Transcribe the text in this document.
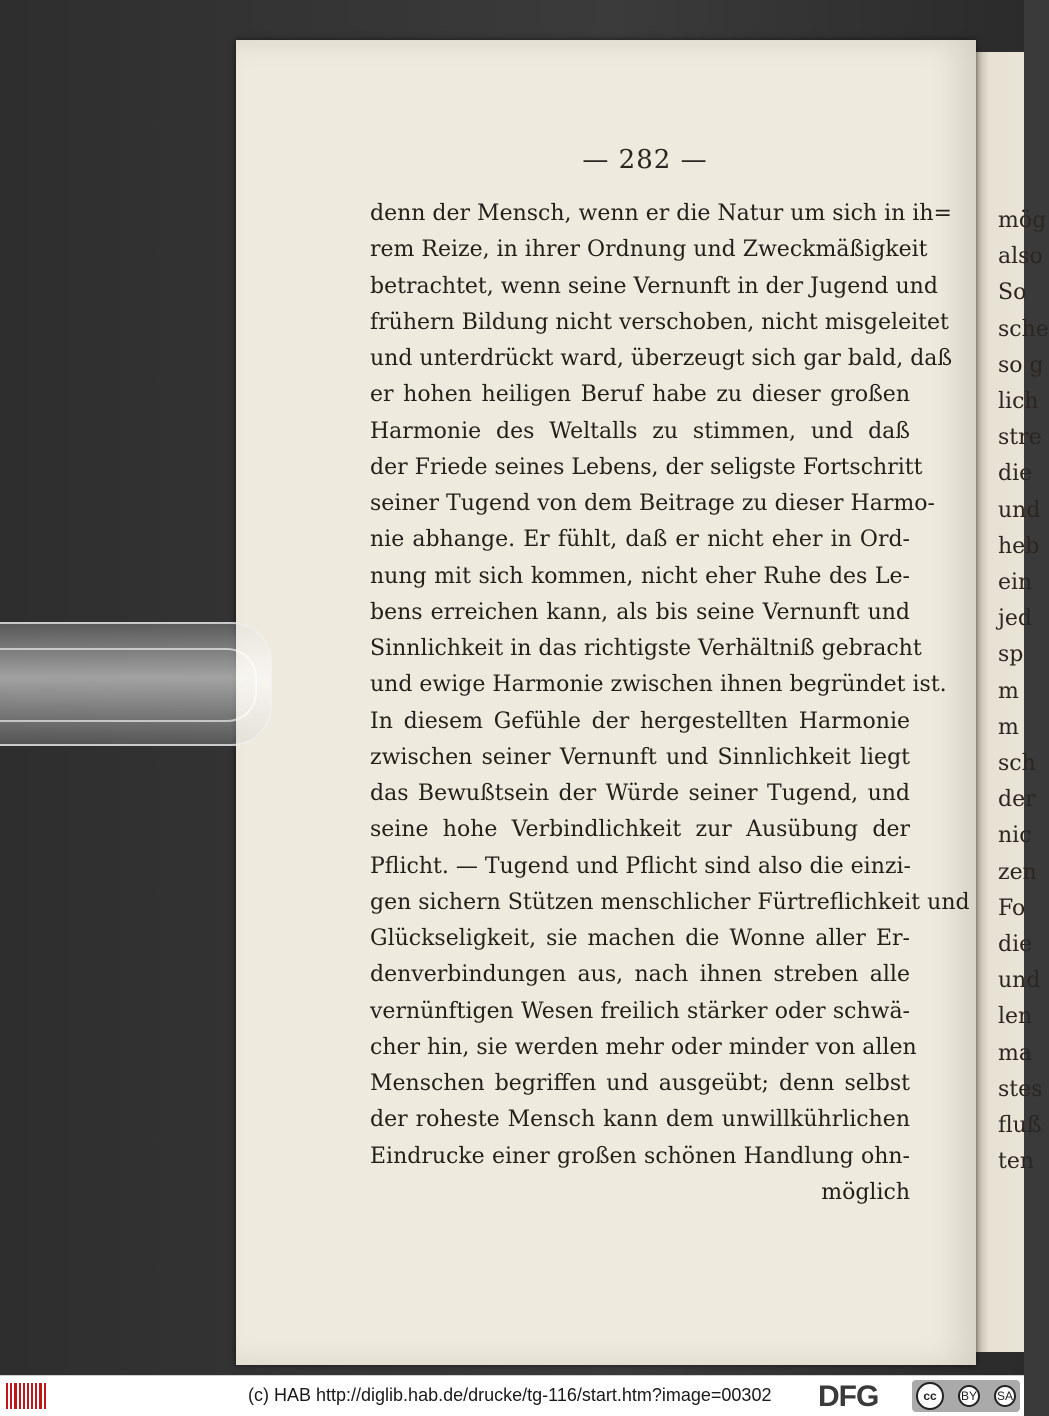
mög
also
So
sche
so g
lich
stre
die
und
heb
ein
jed
sp
m
m
sch
der
nic
zen
Fo
die
und
len
ma
stes
fluß
ten
— 282 —
denn der Mensch, wenn er die Natur um sich in ih=
rem Reize, in ihrer Ordnung und Zweckmäßigkeit
betrachtet, wenn seine Vernunft in der Jugend und
frühern Bildung nicht verschoben, nicht misgeleitet
und unterdrückt ward, überzeugt sich gar bald, daß
er hohen heiligen Beruf habe zu dieser großen
Harmonie des Weltalls zu stimmen, und daß
der Friede seines Lebens, der seligste Fortschritt
seiner Tugend von dem Beitrage zu dieser Harmo-
nie abhange. Er fühlt, daß er nicht eher in Ord-
nung mit sich kommen, nicht eher Ruhe des Le-
bens erreichen kann, als bis seine Vernunft und
Sinnlichkeit in das richtigste Verhältniß gebracht
und ewige Harmonie zwischen ihnen begründet ist.
In diesem Gefühle der hergestellten Harmonie
zwischen seiner Vernunft und Sinnlichkeit liegt
das Bewußtsein der Würde seiner Tugend, und
seine hohe Verbindlichkeit zur Ausübung der
Pflicht. — Tugend und Pflicht sind also die einzi-
gen sichern Stützen menschlicher Fürtreflichkeit und
Glückseligkeit, sie machen die Wonne aller Er-
denverbindungen aus, nach ihnen streben alle
vernünftigen Wesen freilich stärker oder schwä-
cher hin, sie werden mehr oder minder von allen
Menschen begriffen und ausgeübt; denn selbst
der roheste Mensch kann dem unwillkührlichen
Eindrucke einer großen schönen Handlung ohn-
möglich
(c) HAB http://diglib.hab.de/drucke/tg-116/start.htm?image=00302 DFG	cc	BY SA
